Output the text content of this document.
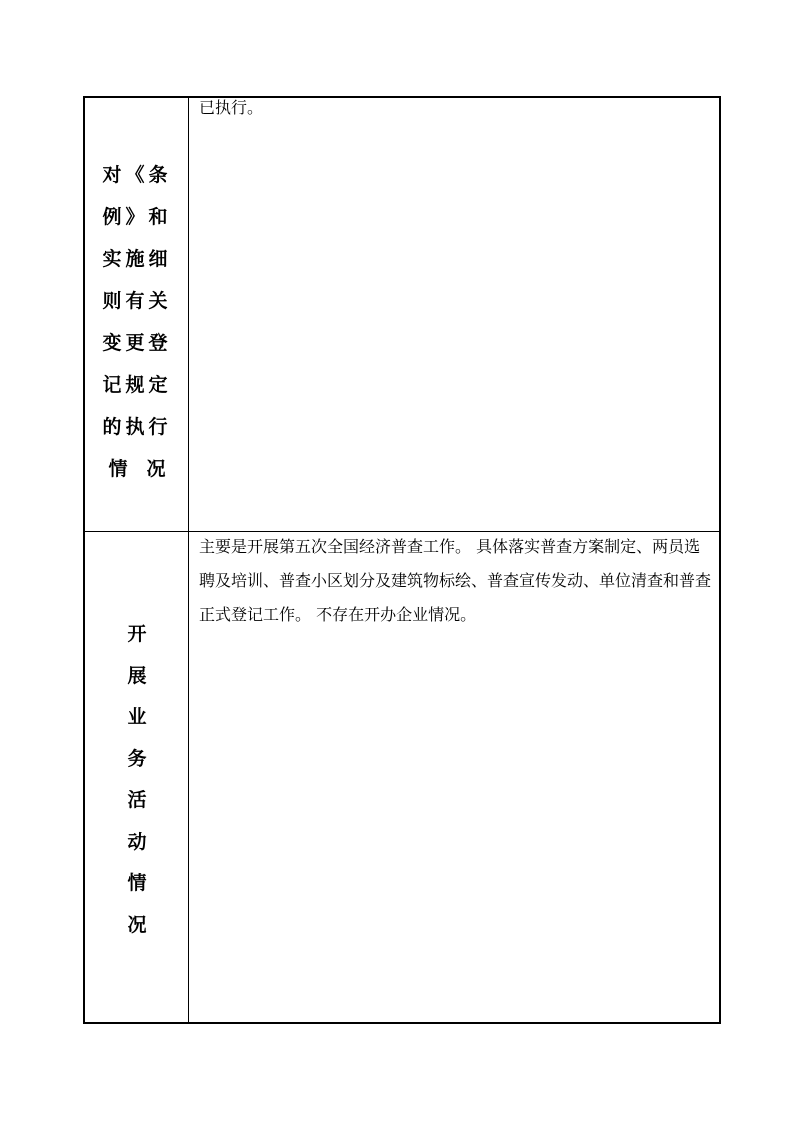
对《条
例》和
实施细
则有关
变更登
记规定
的执行
情　况

已执行。

开
展
业
务
活
动
情
况

主要是开展第五次全国经济普查工作。 具体落实普查方案制定、两员选聘及培训、普查小区划分及建筑物标绘、普查宣传发动、单位清查和普查正式登记工作。 不存在开办企业情况。
